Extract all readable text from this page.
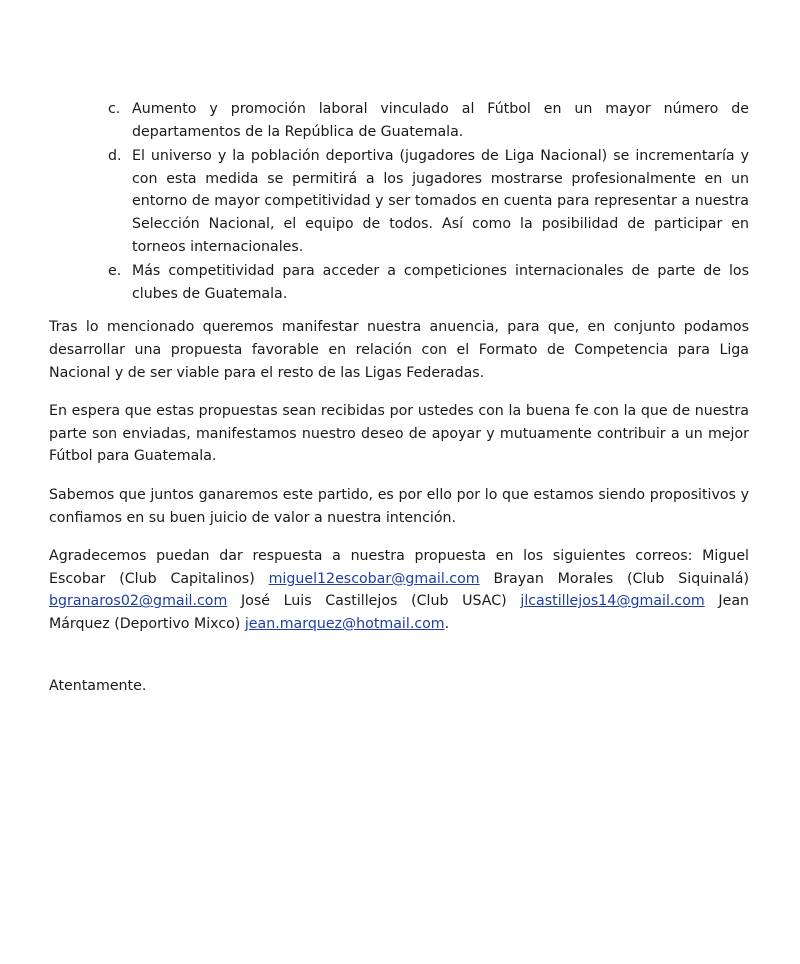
c. Aumento y promoción laboral vinculado al Fútbol en un mayor número de departamentos de la República de Guatemala.
d. El universo y la población deportiva (jugadores de Liga Nacional) se incrementaría y con esta medida se permitirá a los jugadores mostrarse profesionalmente en un entorno de mayor competitividad y ser tomados en cuenta para representar a nuestra Selección Nacional, el equipo de todos. Así como la posibilidad de participar en torneos internacionales.
e. Más competitividad para acceder a competiciones internacionales de parte de los clubes de Guatemala.

Tras lo mencionado queremos manifestar nuestra anuencia, para que, en conjunto podamos desarrollar una propuesta favorable en relación con el Formato de Competencia para Liga Nacional y de ser viable para el resto de las Ligas Federadas.

En espera que estas propuestas sean recibidas por ustedes con la buena fe con la que de nuestra parte son enviadas, manifestamos nuestro deseo de apoyar y mutuamente contribuir a un mejor Fútbol para Guatemala.

Sabemos que juntos ganaremos este partido, es por ello por lo que estamos siendo propositivos y confiamos en su buen juicio de valor a nuestra intención.

Agradecemos puedan dar respuesta a nuestra propuesta en los siguientes correos: Miguel Escobar (Club Capitalinos) miguel12escobar@gmail.com Brayan Morales (Club Siquinalá) bgranaros02@gmail.com José Luis Castillejos (Club USAC) jlcastillejos14@gmail.com Jean Márquez (Deportivo Mixco) jean.marquez@hotmail.com.

Atentamente.
